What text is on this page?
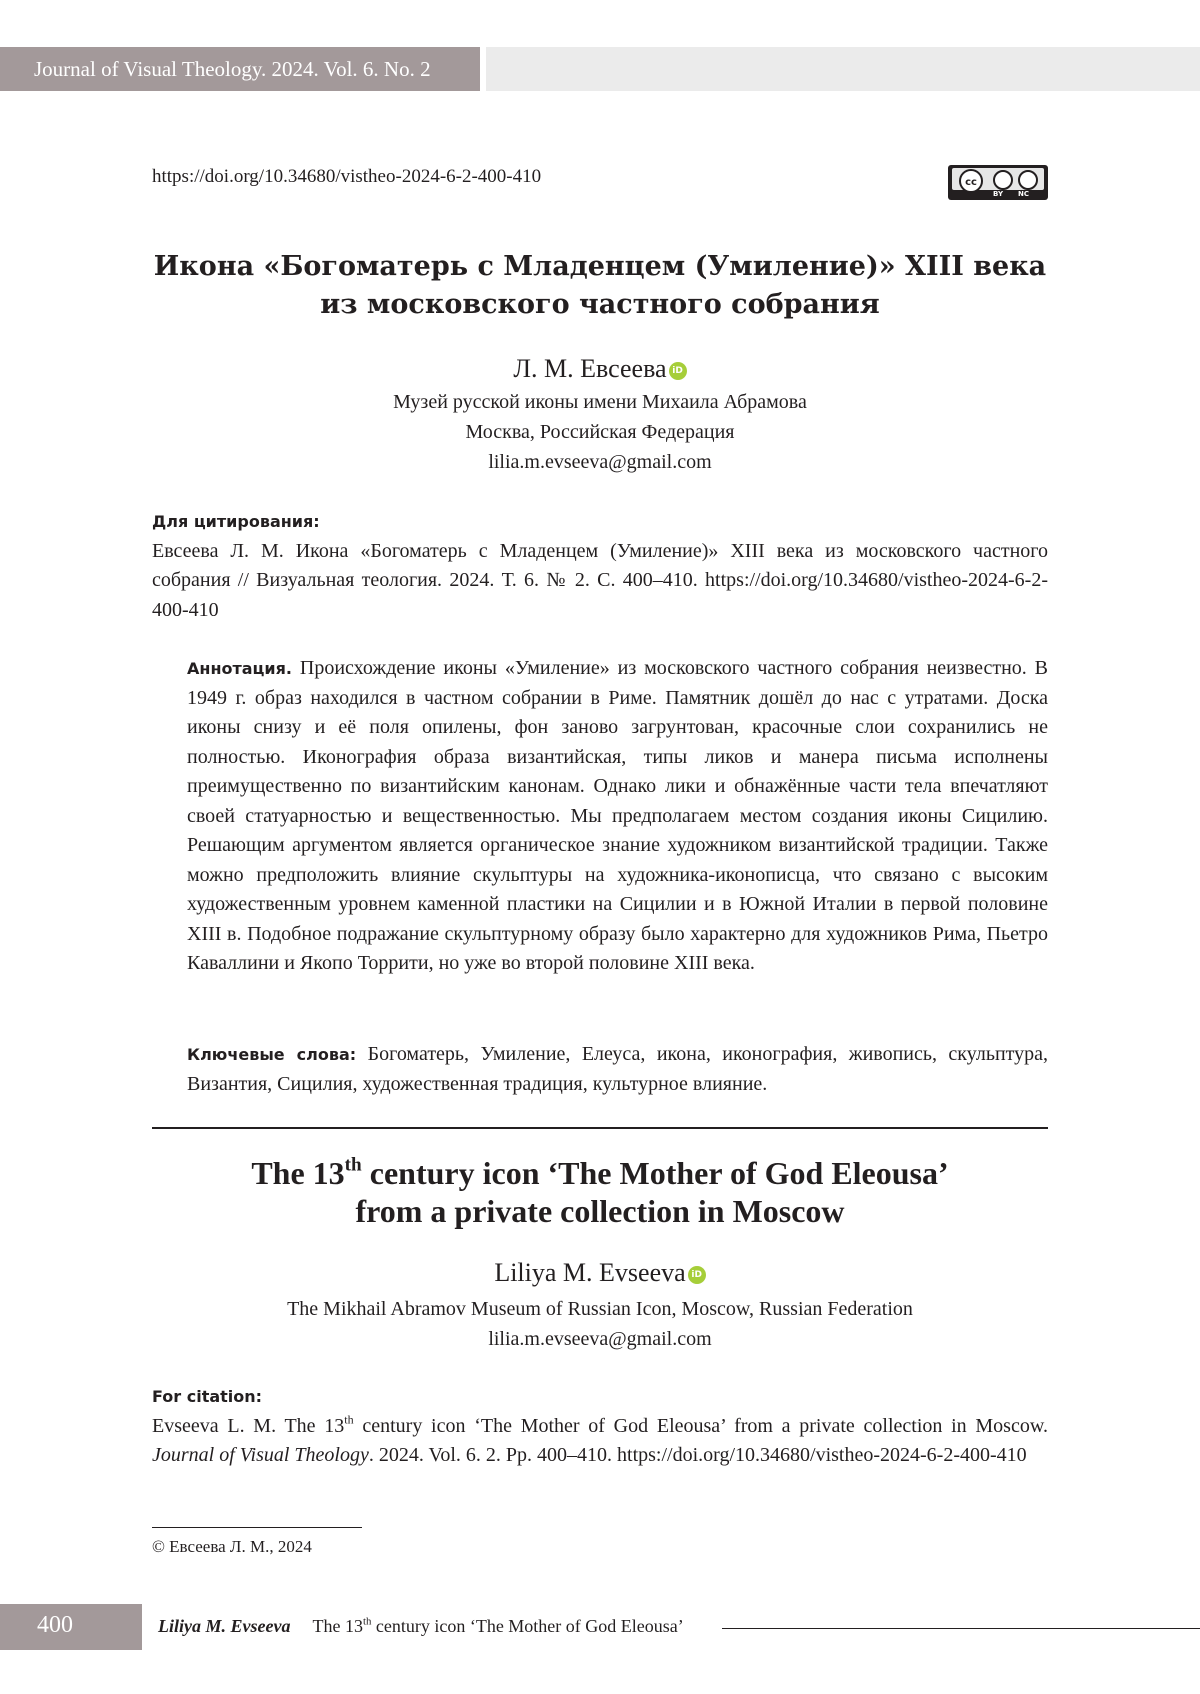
Journal of Visual Theology. 2024. Vol. 6. No. 2
https://doi.org/10.34680/vistheo-2024-6-2-400-410	cc
BY NC
Икона «Богоматерь с Младенцем (Умиление)» XIII века
из московского частного собрания
Л. М. Евсеева iD
Музей русской иконы имени Михаила Абрамова
Москва, Российская Федерация
lilia.m.evseeva@gmail.com
Для цитирования:
Евсеева Л. М. Икона «Богоматерь с Младенцем (Умиление)» XIII века из московского частного собрания // Визуальная теология. 2024. Т. 6. № 2. С. 400–410. https://doi.org/10.34680/vistheo-2024-6-2-400-410
Аннотация. Происхождение иконы «Умиление» из московского частного собрания неизвестно. В 1949 г. образ находился в частном собрании в Риме. Памятник дошёл до нас с утратами. Доска иконы снизу и её поля опилены, фон заново загрунтован, красочные слои сохранились не полностью. Иконография образа византийская, типы ликов и манера письма исполнены преимущественно по византийским канонам. Однако лики и обнажённые части тела впечатляют своей статуарностью и вещественностью. Мы предполагаем местом создания иконы Сицилию. Решающим аргументом является органическое знание художником византийской традиции. Также можно предположить влияние скульптуры на художника-иконописца, что связано с высоким художественным уровнем каменной пластики на Сицилии и в Южной Италии в первой половине XIII в. Подобное подражание скульптурному образу было характерно для художников Рима, Пьетро Каваллини и Якопо Торрити, но уже во второй половине XIII века.
Ключевые слова: Богоматерь, Умиление, Елеуса, икона, иконография, живопись, скульптура, Византия, Сицилия, художественная традиция, культурное влияние.
The 13th century icon ‘The Mother of God Eleousa’
from a private collection in Moscow
Liliya M. Evseeva iD
The Mikhail Abramov Museum of Russian Icon, Moscow, Russian Federation
lilia.m.evseeva@gmail.com
For citation:
Evseeva L. M. The 13th century icon ‘The Mother of God Eleousa’ from a private collection in Moscow. Journal of Visual Theology. 2024. Vol. 6. 2. Pp. 400–410. https://doi.org/10.34680/vistheo-2024-6-2-400-410
© Евсеева Л. М., 2024
400	Liliya M. Evseeva The 13th century icon ‘The Mother of God Eleousa’
